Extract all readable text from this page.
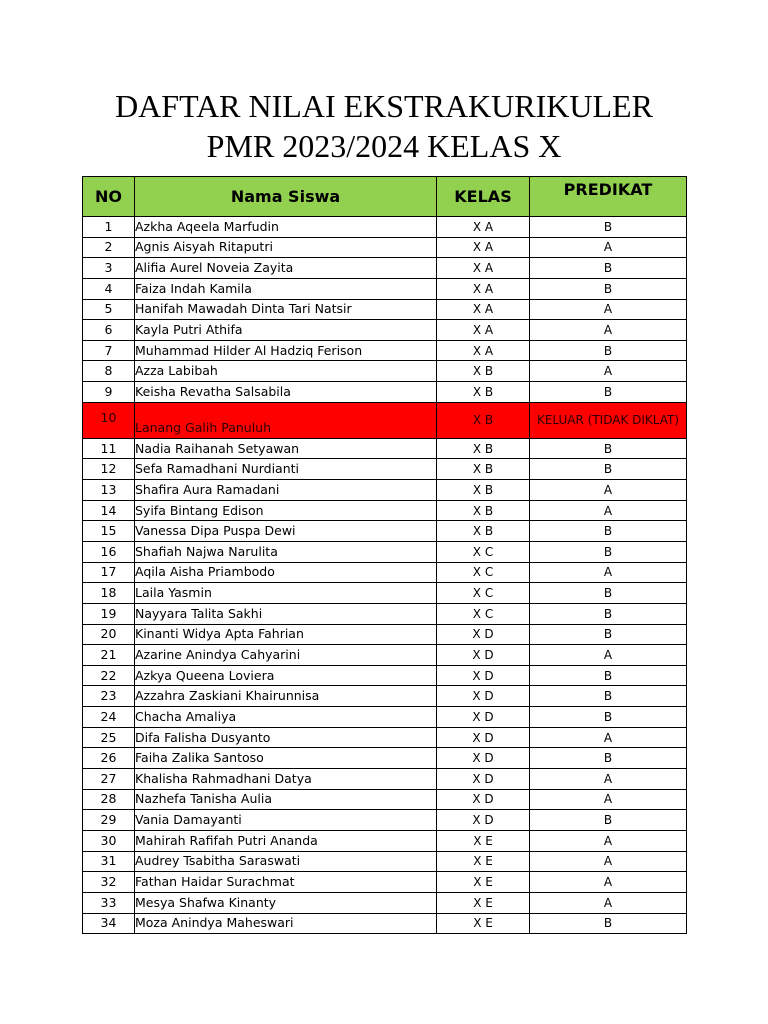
DAFTAR NILAI EKSTRAKURIKULER
PMR 2023/2024 KELAS X
NO	Nama Siswa	KELAS	PREDIKAT
1	Azkha Aqeela Marfudin	X A	B
2	Agnis Aisyah Ritaputri	X A	A
3	Alifia Aurel Noveia Zayita	X A	B
4	Faiza Indah Kamila	X A	B
5	Hanifah Mawadah Dinta Tari Natsir	X A	A
6	Kayla Putri Athifa	X A	A
7	Muhammad Hilder Al Hadziq Ferison	X A	B
8	Azza Labibah	X B	A
9	Keisha Revatha Salsabila	X B	B
10	Lanang Galih Panuluh	X B	KELUAR (TIDAK DIKLAT)
11	Nadia Raihanah Setyawan	X B	B
12	Sefa Ramadhani Nurdianti	X B	B
13	Shafira Aura Ramadani	X B	A
14	Syifa Bintang Edison	X B	A
15	Vanessa Dipa Puspa Dewi	X B	B
16	Shafiah Najwa Narulita	X C	B
17	Aqila Aisha Priambodo	X C	A
18	Laila Yasmin	X C	B
19	Nayyara Talita Sakhi	X C	B
20	Kinanti Widya Apta Fahrian	X D	B
21	Azarine Anindya Cahyarini	X D	A
22	Azkya Queena Loviera	X D	B
23	Azzahra Zaskiani Khairunnisa	X D	B
24	Chacha Amaliya	X D	B
25	Difa Falisha Dusyanto	X D	A
26	Faiha Zalika Santoso	X D	B
27	Khalisha Rahmadhani Datya	X D	A
28	Nazhefa Tanisha Aulia	X D	A
29	Vania Damayanti	X D	B
30	Mahirah Rafifah Putri Ananda	X E	A
31	Audrey Tsabitha Saraswati	X E	A
32	Fathan Haidar Surachmat	X E	A
33	Mesya Shafwa Kinanty	X E	A
34	Moza Anindya Maheswari	X E	B
